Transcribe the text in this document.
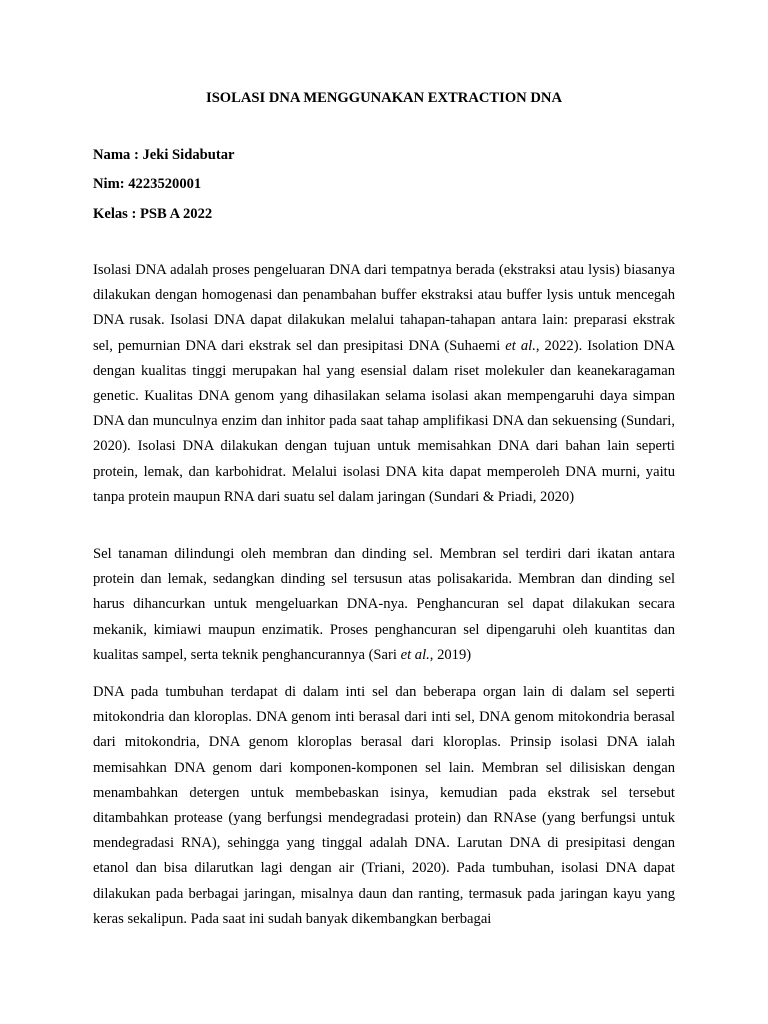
ISOLASI DNA MENGGUNAKAN EXTRACTION DNA
Nama : Jeki Sidabutar
Nim: 4223520001
Kelas : PSB A 2022

Isolasi DNA adalah proses pengeluaran DNA dari tempatnya berada (ekstraksi atau lysis) biasanya dilakukan dengan homogenasi dan penambahan buffer ekstraksi atau buffer lysis untuk mencegah DNA rusak. Isolasi DNA dapat dilakukan melalui tahapan-tahapan antara lain: preparasi ekstrak sel, pemurnian DNA dari ekstrak sel dan presipitasi DNA (Suhaemi et al., 2022). Isolation DNA dengan kualitas tinggi merupakan hal yang esensial dalam riset molekuler dan keanekaragaman genetic. Kualitas DNA genom yang dihasilakan selama isolasi akan mempengaruhi daya simpan DNA dan munculnya enzim dan inhitor pada saat tahap amplifikasi DNA dan sekuensing (Sundari, 2020). Isolasi DNA dilakukan dengan tujuan untuk memisahkan DNA dari bahan lain seperti protein, lemak, dan karbohidrat. Melalui isolasi DNA kita dapat memperoleh DNA murni, yaitu tanpa protein maupun RNA dari suatu sel dalam jaringan (Sundari & Priadi, 2020)

Sel tanaman dilindungi oleh membran dan dinding sel. Membran sel terdiri dari ikatan antara protein dan lemak, sedangkan dinding sel tersusun atas polisakarida. Membran dan dinding sel harus dihancurkan untuk mengeluarkan DNA-nya. Penghancuran sel dapat dilakukan secara mekanik, kimiawi maupun enzimatik. Proses penghancuran sel dipengaruhi oleh kuantitas dan kualitas sampel, serta teknik penghancurannya (Sari et al., 2019)

DNA pada tumbuhan terdapat di dalam inti sel dan beberapa organ lain di dalam sel seperti mitokondria dan kloroplas. DNA genom inti berasal dari inti sel, DNA genom mitokondria berasal dari mitokondria, DNA genom kloroplas berasal dari kloroplas. Prinsip isolasi DNA ialah memisahkan DNA genom dari komponen-komponen sel lain. Membran sel dilisiskan dengan menambahkan detergen untuk membebaskan isinya, kemudian pada ekstrak sel tersebut ditambahkan protease (yang berfungsi mendegradasi protein) dan RNAse (yang berfungsi untuk mendegradasi RNA), sehingga yang tinggal adalah DNA. Larutan DNA di presipitasi dengan etanol dan bisa dilarutkan lagi dengan air (Triani, 2020). Pada tumbuhan, isolasi DNA dapat dilakukan pada berbagai jaringan, misalnya daun dan ranting, termasuk pada jaringan kayu yang keras sekalipun. Pada saat ini sudah banyak dikembangkan berbagai
